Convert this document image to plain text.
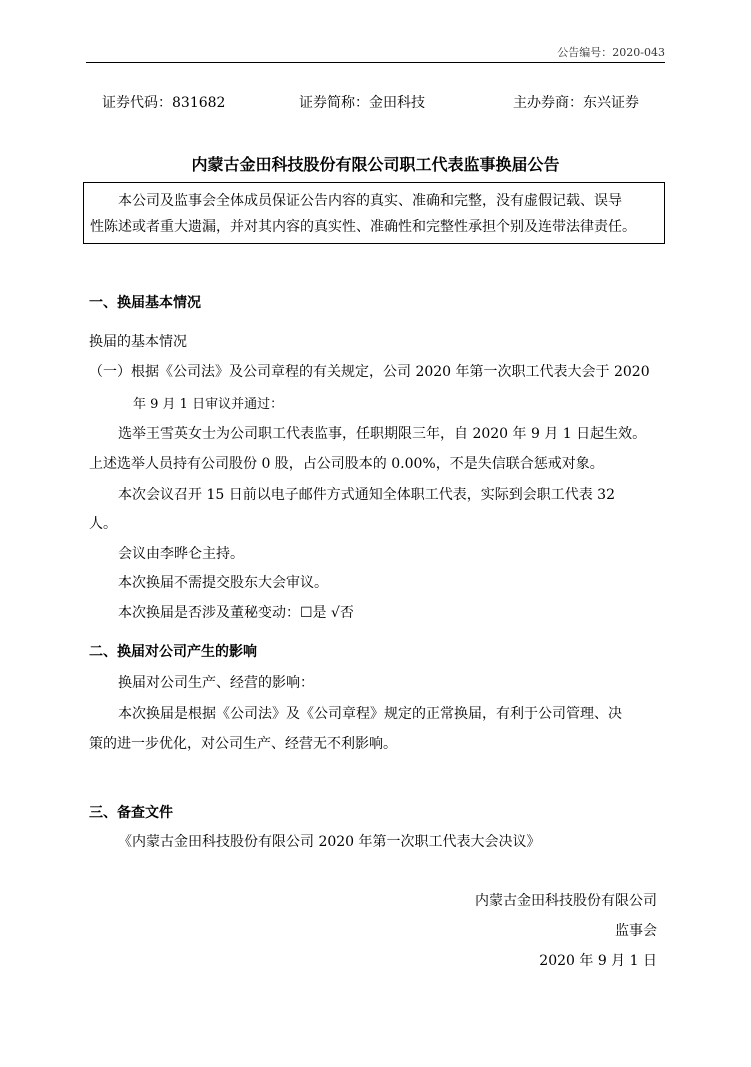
公告编号：2020-043
证券代码：831682	证券简称：金田科技	主办券商：东兴证券
内蒙古金田科技股份有限公司职工代表监事换届公告
本公司及监事会全体成员保证公告内容的真实、准确和完整，没有虚假记载、误导
性陈述或者重大遗漏，并对其内容的真实性、准确性和完整性承担个别及连带法律责任。
一、换届基本情况
换届的基本情况
（一）根据《公司法》及公司章程的有关规定，公司 2020 年第一次职工代表大会于 2020
年 9 月 1 日审议并通过：
选举王雪英女士为公司职工代表监事，任职期限三年，自 2020 年 9 月 1 日起生效。
上述选举人员持有公司股份 0 股，占公司股本的 0.00%，不是失信联合惩戒对象。
本次会议召开 15 日前以电子邮件方式通知全体职工代表，实际到会职工代表 32
人。
会议由李晔仑主持。
本次换届不需提交股东大会审议。
本次换届是否涉及董秘变动：☐是 √否
二、换届对公司产生的影响
换届对公司生产、经营的影响：
本次换届是根据《公司法》及《公司章程》规定的正常换届，有利于公司管理、决
策的进一步优化，对公司生产、经营无不利影响。
三、备查文件
《内蒙古金田科技股份有限公司 2020 年第一次职工代表大会决议》
内蒙古金田科技股份有限公司
监事会
2020 年 9 月 1 日
